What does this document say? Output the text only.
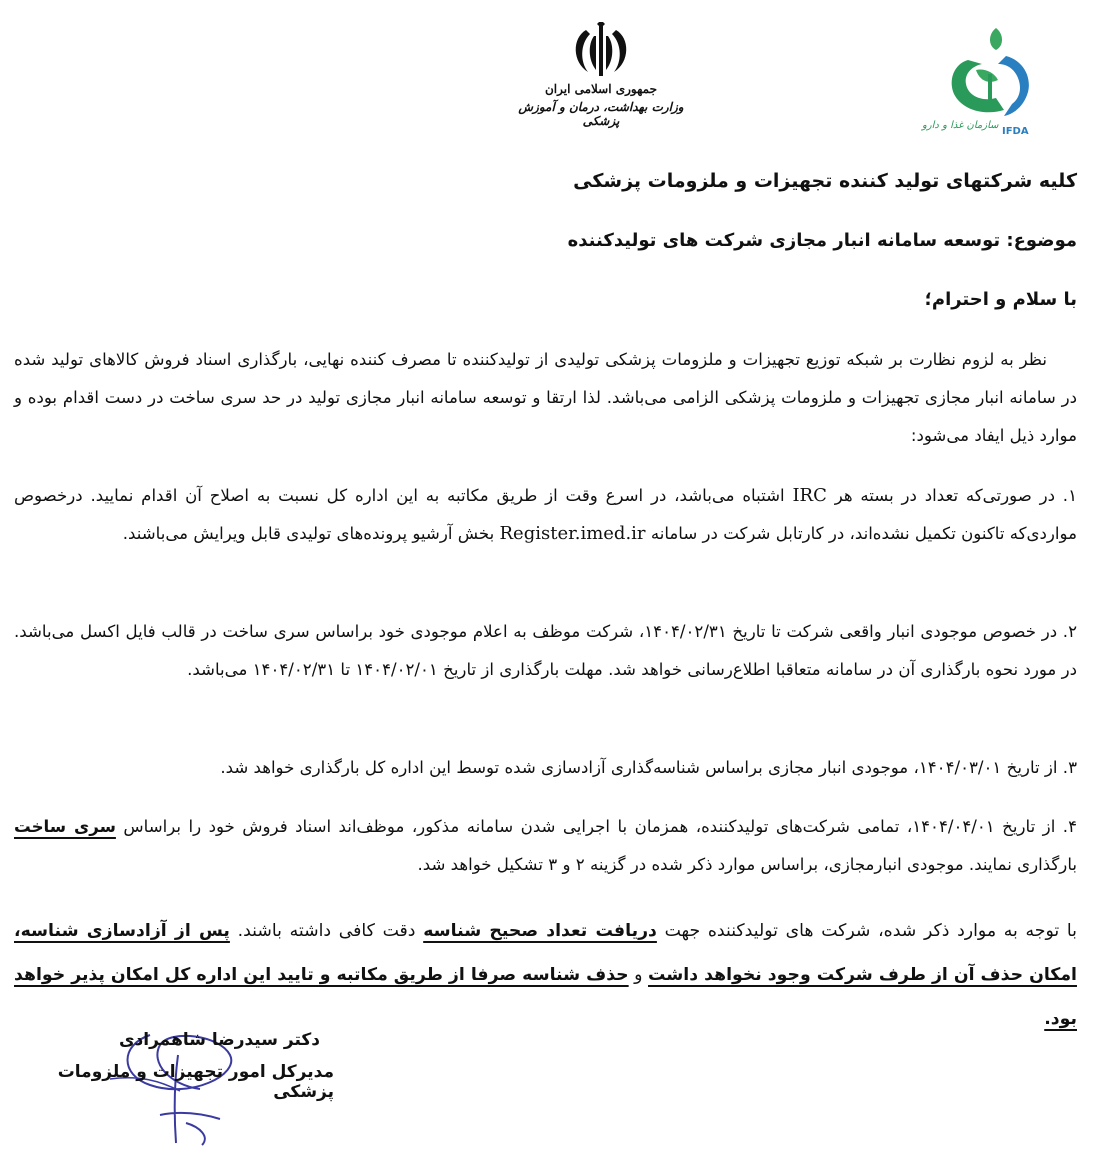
جمهوری اسلامی ایران
وزارت بهداشت، درمان و آموزش پزشکی	سازمان غذا و دارو
IFDA
کلیه شرکتهای تولید کننده تجهیزات و ملزومات پزشکی
موضوع: توسعه سامانه انبار مجازی شرکت های تولیدکننده
با سلام و احترام؛
نظر به لزوم نظارت بر شبکه توزیع تجهیزات و ملزومات پزشکی تولیدی از تولیدکننده تا مصرف کننده نهایی، بارگذاری اسناد فروش کالاهای تولید شده در سامانه انبار مجازی تجهیزات و ملزومات پزشکی الزامی می‌باشد. لذا ارتقا و توسعه سامانه انبار مجازی تولید در حد سری ساخت در دست اقدام بوده و موارد ذیل ایفاد می‌شود:
۱. در صورتی‌که تعداد در بسته هر IRC اشتباه می‌باشد، در اسرع وقت از طریق مکاتبه به این اداره کل نسبت به اصلاح آن اقدام نمایید. درخصوص مواردی‌که تاکنون تکمیل نشده‌اند، در کارتابل شرکت در سامانه Register.imed.ir بخش آرشیو پرونده‌های تولیدی قابل ویرایش می‌باشند.
۲. در خصوص موجودی انبار واقعی شرکت تا تاریخ ۱۴۰۴/۰۲/۳۱، شرکت موظف به اعلام موجودی خود براساس سری ساخت در قالب فایل اکسل می‌باشد. در مورد نحوه بارگذاری آن در سامانه متعاقبا اطلاع‌رسانی خواهد شد. مهلت بارگذاری از تاریخ ۱۴۰۴/۰۲/۰۱ تا ۱۴۰۴/۰۲/۳۱ می‌باشد.
۳. از تاریخ ۱۴۰۴/۰۳/۰۱، موجودی انبار مجازی براساس شناسه‌گذاری آزادسازی شده توسط این اداره کل بارگذاری خواهد شد.
۴. از تاریخ ۱۴۰۴/۰۴/۰۱، تمامی شرکت‌های تولیدکننده، همزمان با اجرایی شدن سامانه مذکور، موظف‌اند اسناد فروش خود را براساس سری ساخت بارگذاری نمایند. موجودی انبارمجازی، براساس موارد ذکر شده در گزینه ۲ و ۳ تشکیل خواهد شد.
با توجه به موارد ذکر شده، شرکت های تولیدکننده جهت دریافت تعداد صحیح شناسه دقت کافی داشته باشند. پس از آزادسازی شناسه، امکان حذف آن از طرف شرکت وجود نخواهد داشت و حذف شناسه صرفا از طریق مکاتبه و تایید این اداره کل امکان پذیر خواهد بود.
دکتر سیدرضا شاهمرادی
مدیرکل امور تجهیزات و ملزومات پزشکی
